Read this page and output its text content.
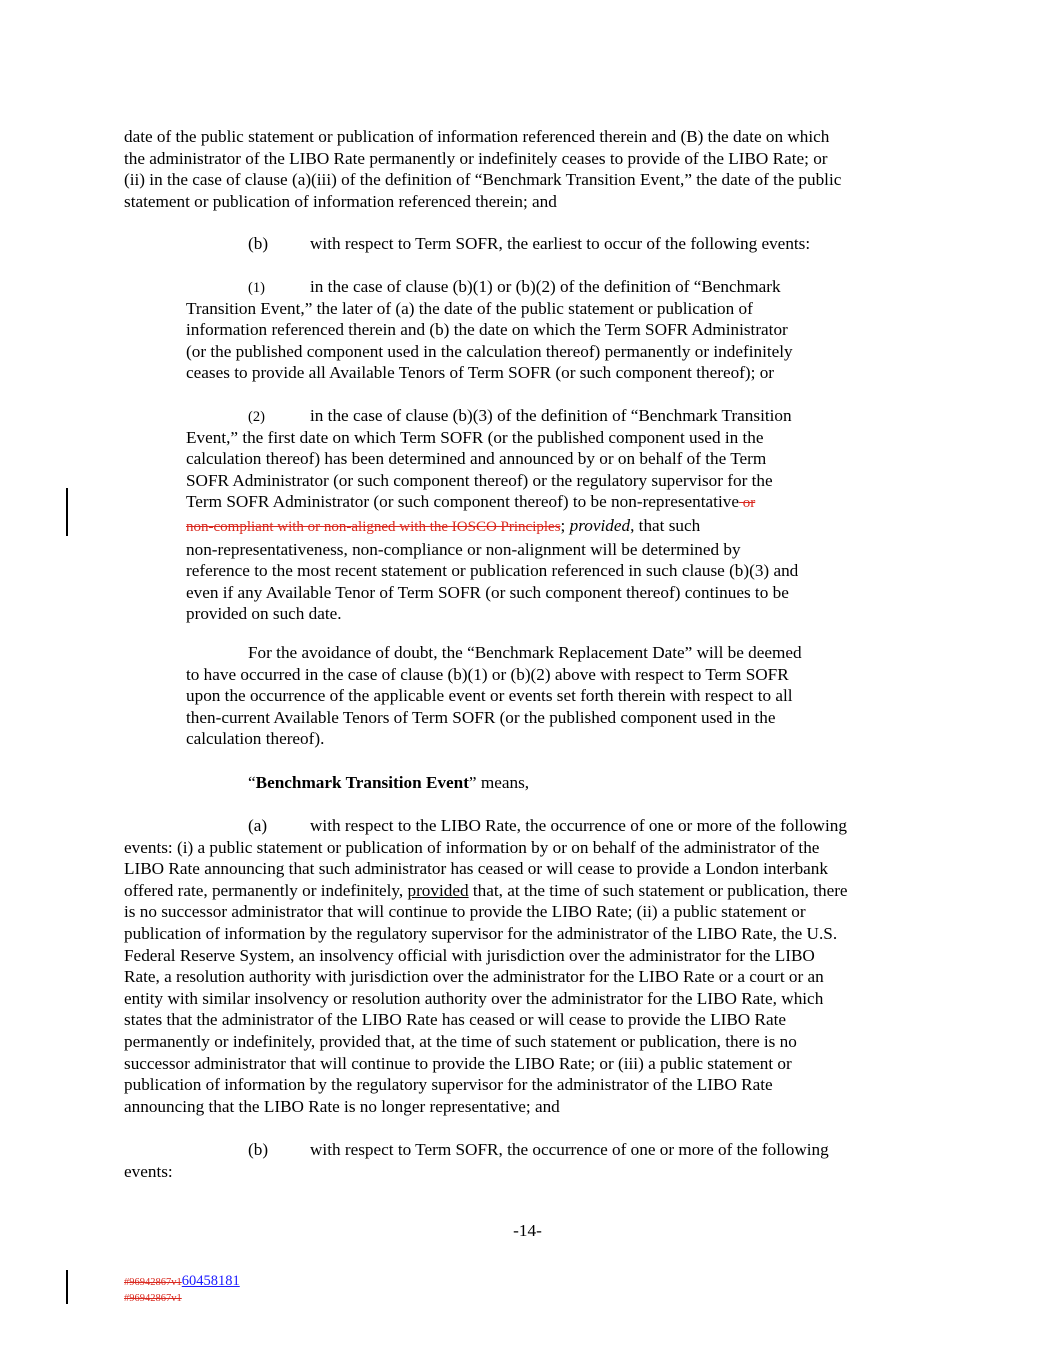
date of the public statement or publication of information referenced therein and (B) the date on which
the administrator of the LIBO Rate permanently or indefinitely ceases to provide of the LIBO Rate; or
(ii) in the case of clause (a)(iii) of the definition of “Benchmark Transition Event,” the date of the public
statement or publication of information referenced therein; and
(b) with respect to Term SOFR, the earliest to occur of the following events:
(1)	in the case of clause (b)(1) or (b)(2) of the definition of “Benchmark
Transition Event,” the later of (a) the date of the public statement or publication of
information referenced therein and (b) the date on which the Term SOFR Administrator
(or the published component used in the calculation thereof) permanently or indefinitely
ceases to provide all Available Tenors of Term SOFR (or such component thereof); or
(2)	in the case of clause (b)(3) of the definition of “Benchmark Transition
Event,” the first date on which Term SOFR (or the published component used in the
calculation thereof) has been determined and announced by or on behalf of the Term
SOFR Administrator (or such component thereof) or the regulatory supervisor for the
Term SOFR Administrator (or such component thereof) to be non-representative or
non-compliant with or non-aligned with the IOSCO Principles; provided, that such
non-representativeness, non-compliance or non-alignment will be determined by
reference to the most recent statement or publication referenced in such clause (b)(3) and
even if any Available Tenor of Term SOFR (or such component thereof) continues to be
provided on such date.
For the avoidance of doubt, the “Benchmark Replacement Date” will be deemed
to have occurred in the case of clause (b)(1) or (b)(2) above with respect to Term SOFR
upon the occurrence of the applicable event or events set forth therein with respect to all
then-current Available Tenors of Term SOFR (or the published component used in the
calculation thereof).
“Benchmark Transition Event” means,
(a) with respect to the LIBO Rate, the occurrence of one or more of the following
events: (i) a public statement or publication of information by or on behalf of the administrator of the
LIBO Rate announcing that such administrator has ceased or will cease to provide a London interbank
offered rate, permanently or indefinitely, provided that, at the time of such statement or publication, there
is no successor administrator that will continue to provide the LIBO Rate; (ii) a public statement or
publication of information by the regulatory supervisor for the administrator of the LIBO Rate, the U.S.
Federal Reserve System, an insolvency official with jurisdiction over the administrator for the LIBO
Rate, a resolution authority with jurisdiction over the administrator for the LIBO Rate or a court or an
entity with similar insolvency or resolution authority over the administrator for the LIBO Rate, which
states that the administrator of the LIBO Rate has ceased or will cease to provide the LIBO Rate
permanently or indefinitely, provided that, at the time of such statement or publication, there is no
successor administrator that will continue to provide the LIBO Rate; or (iii) a public statement or
publication of information by the regulatory supervisor for the administrator of the LIBO Rate
announcing that the LIBO Rate is no longer representative; and
(b) with respect to Term SOFR, the occurrence of one or more of the following
events:
-14-
#96942867v160458181
#96942867v1
